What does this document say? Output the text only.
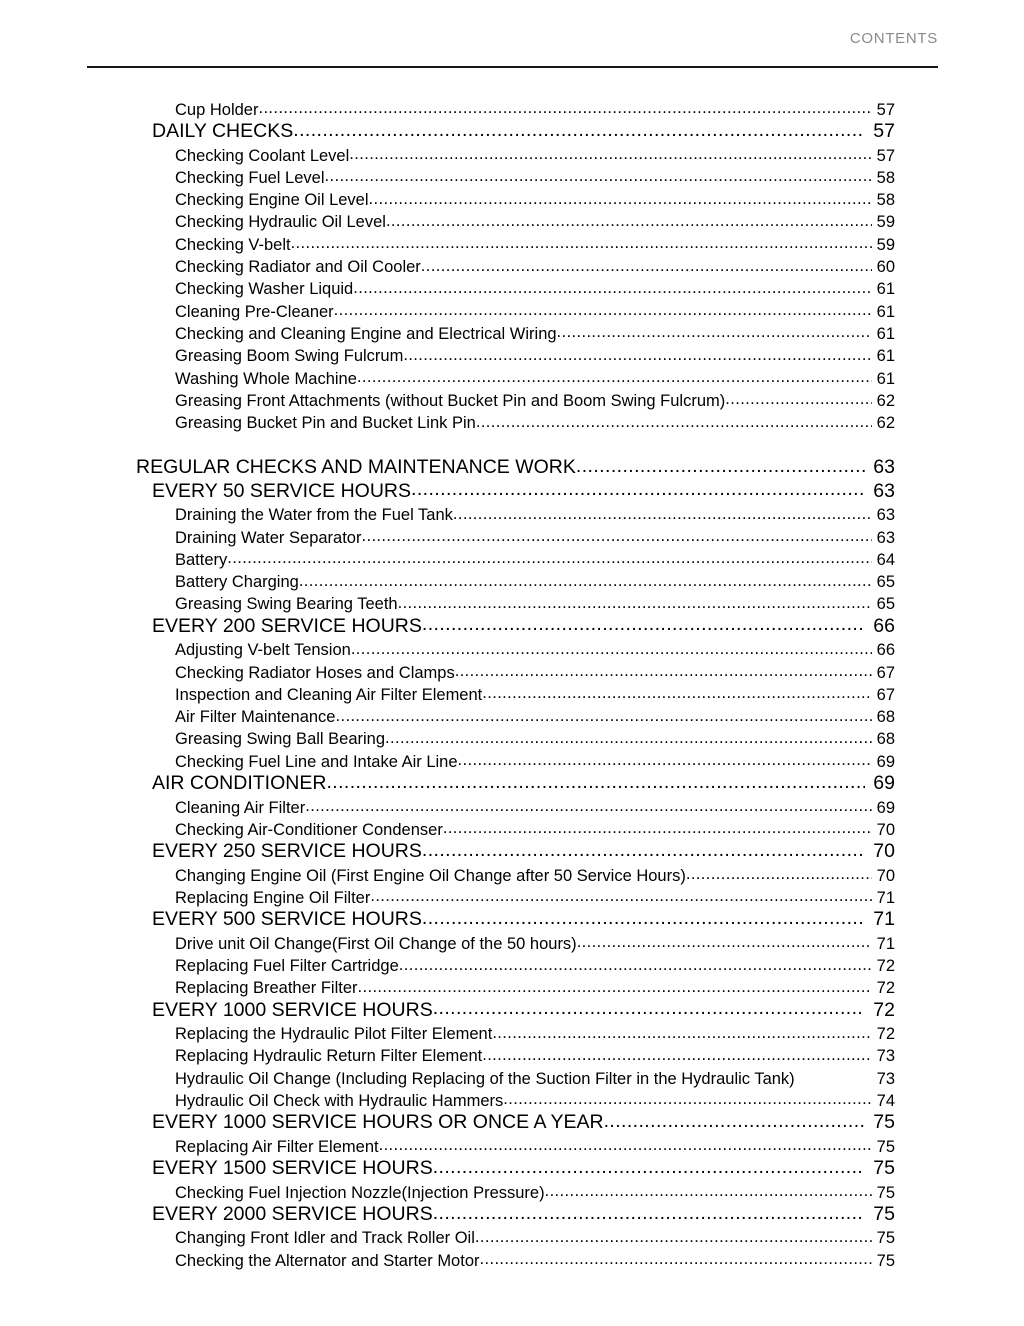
CONTENTS
Cup Holder .....	57
DAILY CHECKS .....	57
Checking Coolant Level .....	57
Checking Fuel Level .....	58
Checking Engine Oil Level .....	58
Checking Hydraulic Oil Level .....	59
Checking V-belt .....	59
Checking Radiator and Oil Cooler .....	60
Checking Washer Liquid .....	61
Cleaning Pre-Cleaner .....	61
Checking and Cleaning Engine and Electrical Wiring .....	61
Greasing Boom Swing Fulcrum .....	61
Washing Whole Machine .....	61
Greasing Front Attachments (without Bucket Pin and Boom Swing Fulcrum) .....	62
Greasing Bucket Pin and Bucket Link Pin .....	62
REGULAR CHECKS AND MAINTENANCE WORK .....	63
EVERY 50 SERVICE HOURS .....	63
Draining the Water from the Fuel Tank .....	63
Draining Water Separator .....	63
Battery .....	64
Battery Charging .....	65
Greasing Swing Bearing Teeth .....	65
EVERY 200 SERVICE HOURS .....	66
Adjusting V-belt Tension .....	66
Checking Radiator Hoses and Clamps .....	67
Inspection and Cleaning Air Filter Element .....	67
Air Filter Maintenance .....	68
Greasing Swing Ball Bearing .....	68
Checking Fuel Line and Intake Air Line .....	69
AIR CONDITIONER .....	69
Cleaning Air Filter .....	69
Checking Air-Conditioner Condenser .....	70
EVERY 250 SERVICE HOURS .....	70
Changing Engine Oil (First Engine Oil Change after 50 Service Hours) .....	70
Replacing Engine Oil Filter .....	71
EVERY 500 SERVICE HOURS .....	71
Drive unit Oil Change(First Oil Change of the 50 hours) .....	71
Replacing Fuel Filter Cartridge .....	72
Replacing Breather Filter .....	72
EVERY 1000 SERVICE HOURS .....	72
Replacing the Hydraulic Pilot Filter Element .....	72
Replacing Hydraulic Return Filter Element .....	73
Hydraulic Oil Change (Including Replacing of the Suction Filter in the Hydraulic Tank)	73
Hydraulic Oil Check with Hydraulic Hammers .....	74
EVERY 1000 SERVICE HOURS OR ONCE A YEAR .....	75
Replacing Air Filter Element .....	75
EVERY 1500 SERVICE HOURS .....	75
Checking Fuel Injection Nozzle(Injection Pressure) .....	75
EVERY 2000 SERVICE HOURS .....	75
Changing Front Idler and Track Roller Oil .....	75
Checking the Alternator and Starter Motor .....	75
